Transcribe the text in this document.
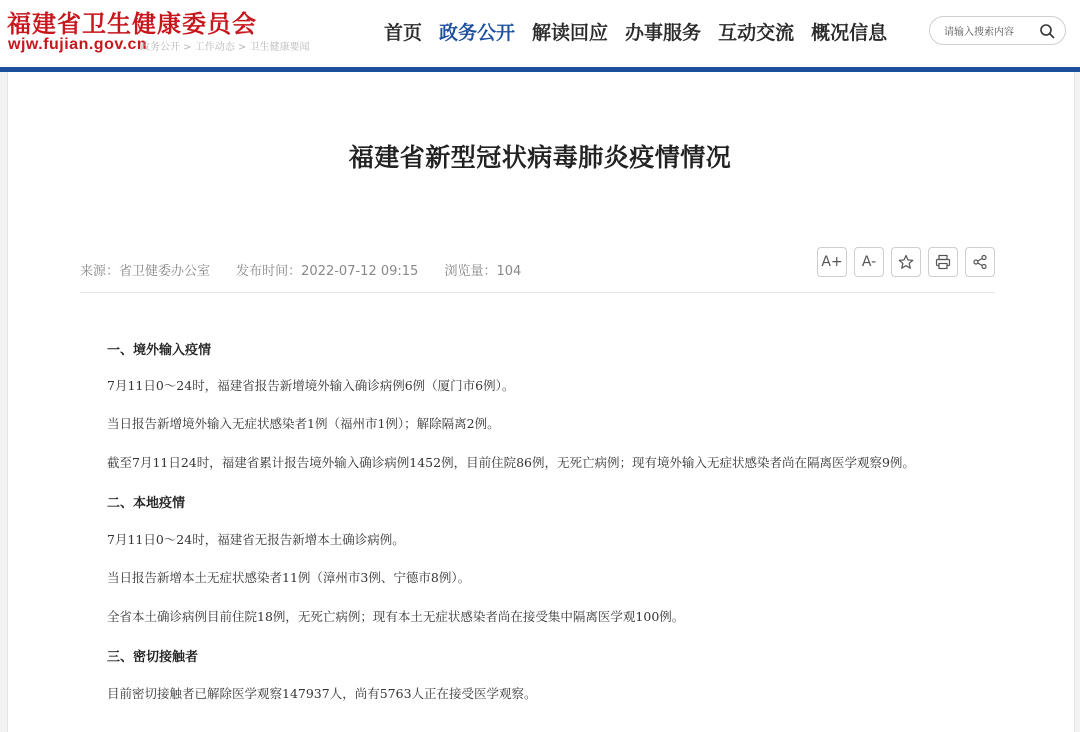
福建省卫生健康委员会
wjw.fujian.gov.cn
政务公开 > 工作动态 > 卫生健康要闻
首页 政务公开 解读回应 办事服务 互动交流 概况信息
请输入搜索内容
福建省新型冠状病毒肺炎疫情情况
来源：省卫健委办公室 发布时间：2022-07-12 09:15 浏览量：104
A+ A-

一、境外输入疫情

7月11日0～24时，福建省报告新增境外输入确诊病例6例（厦门市6例）。

当日报告新增境外输入无症状感染者1例（福州市1例）；解除隔离2例。

截至7月11日24时，福建省累计报告境外输入确诊病例1452例，目前住院86例，无死亡病例；现有境外输入无症状感染者尚在隔离医学观察9例。

二、本地疫情

7月11日0～24时，福建省无报告新增本土确诊病例。

当日报告新增本土无症状感染者11例（漳州市3例、宁德市8例）。

全省本土确诊病例目前住院18例，无死亡病例；现有本土无症状感染者尚在接受集中隔离医学观100例。

三、密切接触者

目前密切接触者已解除医学观察147937人，尚有5763人正在接受医学观察。
